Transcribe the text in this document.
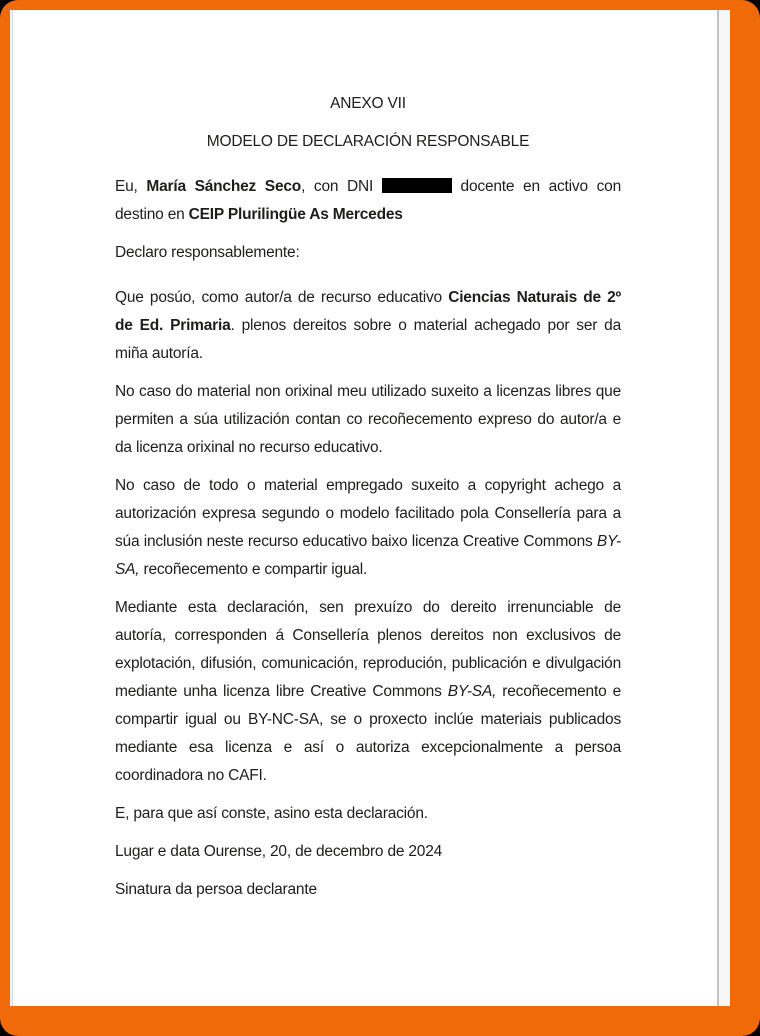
ANEXO VII
MODELO DE DECLARACIÓN RESPONSABLE

Eu, María Sánchez Seco, con DNI	docente en activo con destino en CEIP Plurilingüe As Mercedes

Declaro responsablemente:

Que posúo, como autor/a de recurso educativo Ciencias Naturais de 2º de Ed. Primaria. plenos dereitos sobre o material achegado por ser da miña autoría.

No caso do material non orixinal meu utilizado suxeito a licenzas libres que permiten a súa utilización contan co recoñecemento expreso do autor/a e da licenza orixinal no recurso educativo.

No caso de todo o material empregado suxeito a copyright achego a autorización expresa segundo o modelo facilitado pola Consellería para a súa inclusión neste recurso educativo baixo licenza Creative Commons BY-SA, recoñecemento e compartir igual.

Mediante esta declaración, sen prexuízo do dereito irrenunciable de autoría, corresponden á Consellería plenos dereitos non exclusivos de explotación, difusión, comunicación, reprodución, publicación e divulgación mediante unha licenza libre Creative Commons BY-SA, recoñecemento e compartir igual ou BY-NC-SA, se o proxecto inclúe materiais publicados mediante esa licenza e así o autoriza excepcionalmente a persoa coordinadora no CAFI.

E, para que así conste, asino esta declaración.

Lugar e data Ourense, 20, de decembro de 2024

Sinatura da persoa declarante
